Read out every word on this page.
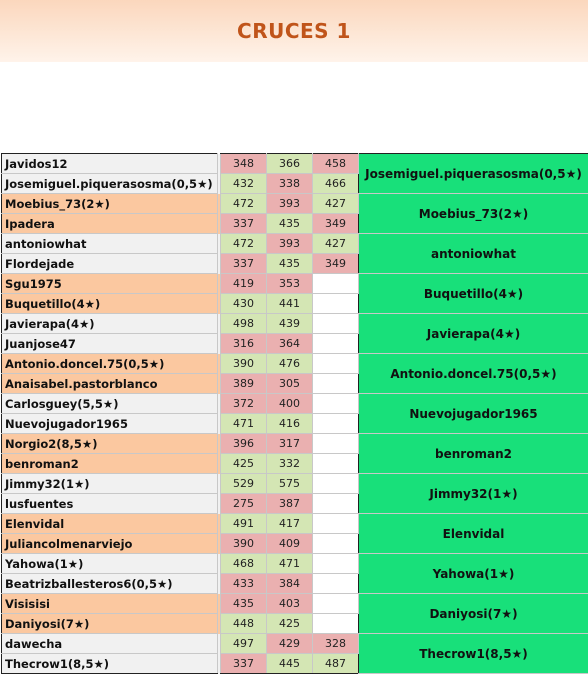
CRUCES 1
Javidos12		348	366	458	Josemiguel.piquerasosma(0,5★)
Josemiguel.piquerasosma(0,5★)		432	338	466	
Moebius_73(2★)		472	393	427	Moebius_73(2★)
Ipadera		337	435	349	
antoniowhat		472	393	427	antoniowhat
Flordejade		337	435	349	
Sgu1975		419	353		Buquetillo(4★)
Buquetillo(4★)		430	441		
Javierapa(4★)		498	439		Javierapa(4★)
Juanjose47		316	364		
Antonio.doncel.75(0,5★)		390	476		Antonio.doncel.75(0,5★)
Anaisabel.pastorblanco		389	305		
Carlosguey(5,5★)		372	400		Nuevojugador1965
Nuevojugador1965		471	416		
Norgio2(8,5★)		396	317		benroman2
benroman2		425	332		
Jimmy32(1★)		529	575		Jimmy32(1★)
lusfuentes		275	387		
Elenvidal		491	417		Elenvidal
Juliancolmenarviejo		390	409		
Yahowa(1★)		468	471		Yahowa(1★)
Beatrizballesteros6(0,5★)		433	384		
Visisisi		435	403		Daniyosi(7★)
Daniyosi(7★)		448	425		
dawecha		497	429	328	Thecrow1(8,5★)
Thecrow1(8,5★)		337	445	487	
